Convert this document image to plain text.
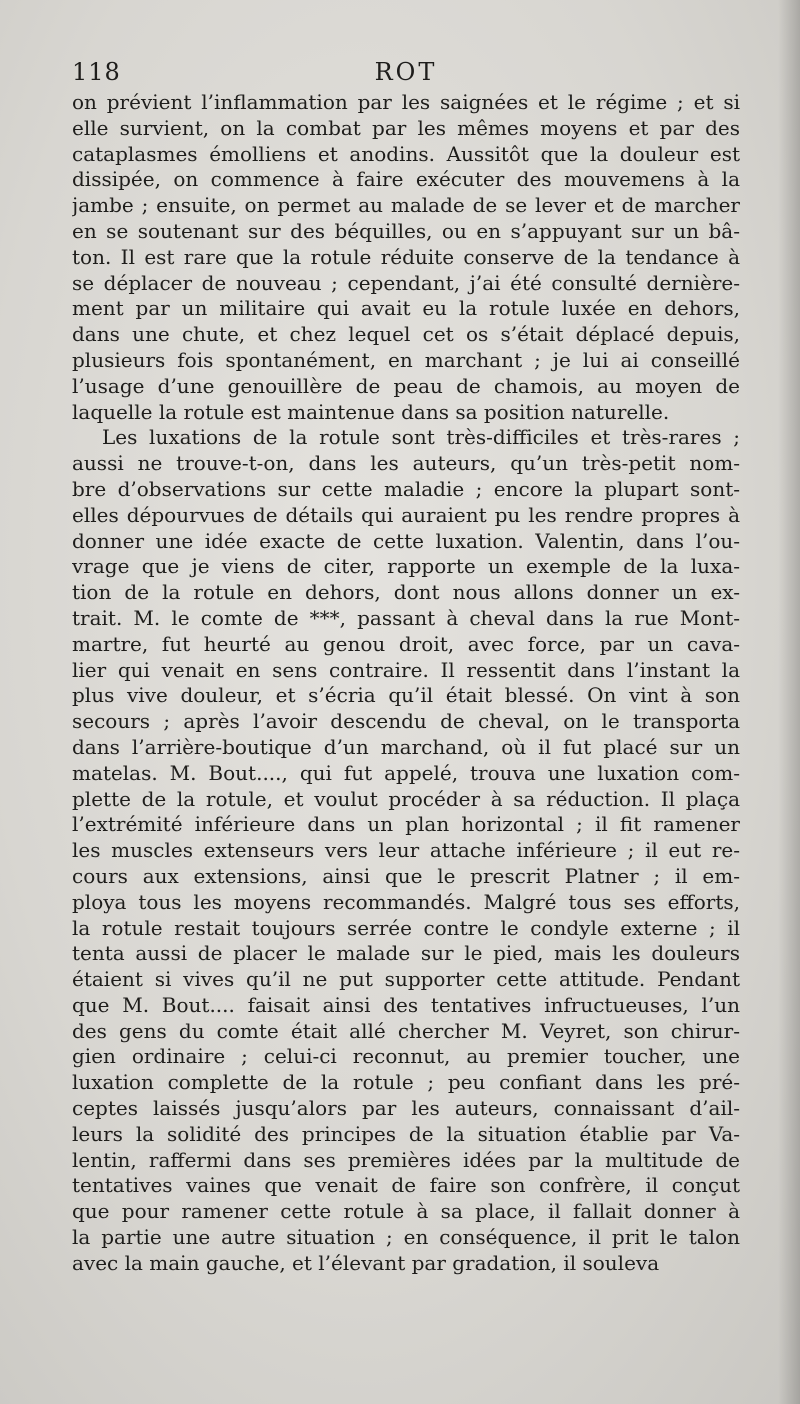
118	ROT
on prévient l’inflammation par les saignées et le régime ; et si
elle survient, on la combat par les mêmes moyens et par des
cataplasmes émolliens et anodins. Aussitôt que la douleur est
dissipée, on commence à faire exécuter des mouvemens à la
jambe ; ensuite, on permet au malade de se lever et de marcher
en se soutenant sur des béquilles, ou en s’appuyant sur un bâ-
ton. Il est rare que la rotule réduite conserve de la tendance à
se déplacer de nouveau ; cependant, j’ai été consulté dernière-
ment par un militaire qui avait eu la rotule luxée en dehors,
dans une chute, et chez lequel cet os s’était déplacé depuis,
plusieurs fois spontanément, en marchant ; je lui ai conseillé
l’usage d’une genouillère de peau de chamois, au moyen de
laquelle la rotule est maintenue dans sa position naturelle.
Les luxations de la rotule sont très-difficiles et très-rares ;
aussi ne trouve-t-on, dans les auteurs, qu’un très-petit nom-
bre d’observations sur cette maladie ; encore la plupart sont-
elles dépourvues de détails qui auraient pu les rendre propres à
donner une idée exacte de cette luxation. Valentin, dans l’ou-
vrage que je viens de citer, rapporte un exemple de la luxa-
tion de la rotule en dehors, dont nous allons donner un ex-
trait. M. le comte de ***, passant à cheval dans la rue Mont-
martre, fut heurté au genou droit, avec force, par un cava-
lier qui venait en sens contraire. Il ressentit dans l’instant la
plus vive douleur, et s’écria qu’il était blessé. On vint à son
secours ; après l’avoir descendu de cheval, on le transporta
dans l’arrière-boutique d’un marchand, où il fut placé sur un
matelas. M. Bout...., qui fut appelé, trouva une luxation com-
plette de la rotule, et voulut procéder à sa réduction. Il plaça
l’extrémité inférieure dans un plan horizontal ; il fit ramener
les muscles extenseurs vers leur attache inférieure ; il eut re-
cours aux extensions, ainsi que le prescrit Platner ; il em-
ploya tous les moyens recommandés. Malgré tous ses efforts,
la rotule restait toujours serrée contre le condyle externe ; il
tenta aussi de placer le malade sur le pied, mais les douleurs
étaient si vives qu’il ne put supporter cette attitude. Pendant
que M. Bout.... faisait ainsi des tentatives infructueuses, l’un
des gens du comte était allé chercher M. Veyret, son chirur-
gien ordinaire ; celui-ci reconnut, au premier toucher, une
luxation complette de la rotule ; peu confiant dans les pré-
ceptes laissés jusqu’alors par les auteurs, connaissant d’ail-
leurs la solidité des principes de la situation établie par Va-
lentin, raffermi dans ses premières idées par la multitude de
tentatives vaines que venait de faire son confrère, il conçut
que pour ramener cette rotule à sa place, il fallait donner à
la partie une autre situation ; en conséquence, il prit le talon
avec la main gauche, et l’élevant par gradation, il souleva
